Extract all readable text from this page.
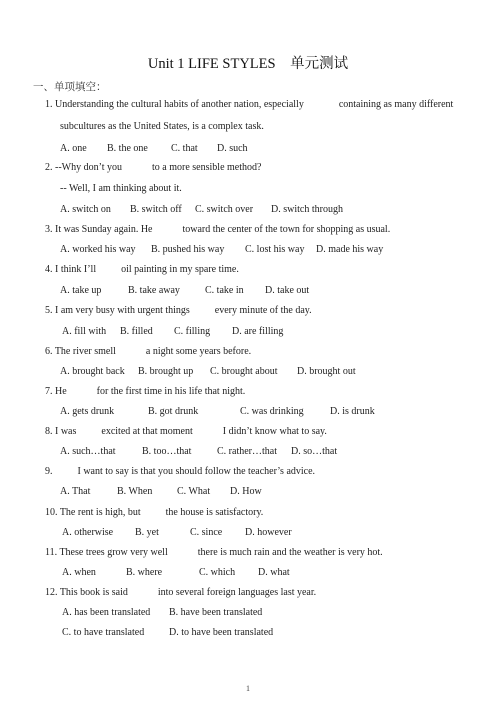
Unit 1 LIFE STYLES　单元测试
一、单项填空：
1. Understanding the cultural habits of another nation, especially              containing as many different
subcultures as the United States, is a complex task.
A. one B. the one C. that D. such
2. --Why don’t you            to a more sensible method?
-- Well, I am thinking about it.
A. switch on B. switch off C. switch over D. switch through
3. It was Sunday again. He            toward the center of the town for shopping as usual.
A. worked his way B. pushed his way C. lost his way D. made his way
4. I think I’ll          oil painting in my spare time.
A. take up	B. take away	C. take in D. take out
5. I am very busy with urgent things          every minute of the day.
A. fill with B. filled C. filling D. are filling
6. The river smell            a night some years before.
A. brought back B. brought up C. brought about D. brought out
7. He            for the first time in his life that night.
A. gets drunk	B. got drunk	C. was drinking	D. is drunk
8. I was          excited at that moment            I didn’t know what to say.
A. such…that	B. too…that	C. rather…that D. so…that
9.          I want to say is that you should follow the teacher’s advice.
A. That	B. When C. What D. How
10. The rent is high, but          the house is satisfactory.
A. otherwise B. yet	C. since D. however
11. These trees grow very well            there is much rain and the weather is very hot.
A. when	B. where	C. which D. what
12. This book is said            into several foreign languages last year.
A. has been translated B. have been translated
C. to have translated D. to have been translated
1
